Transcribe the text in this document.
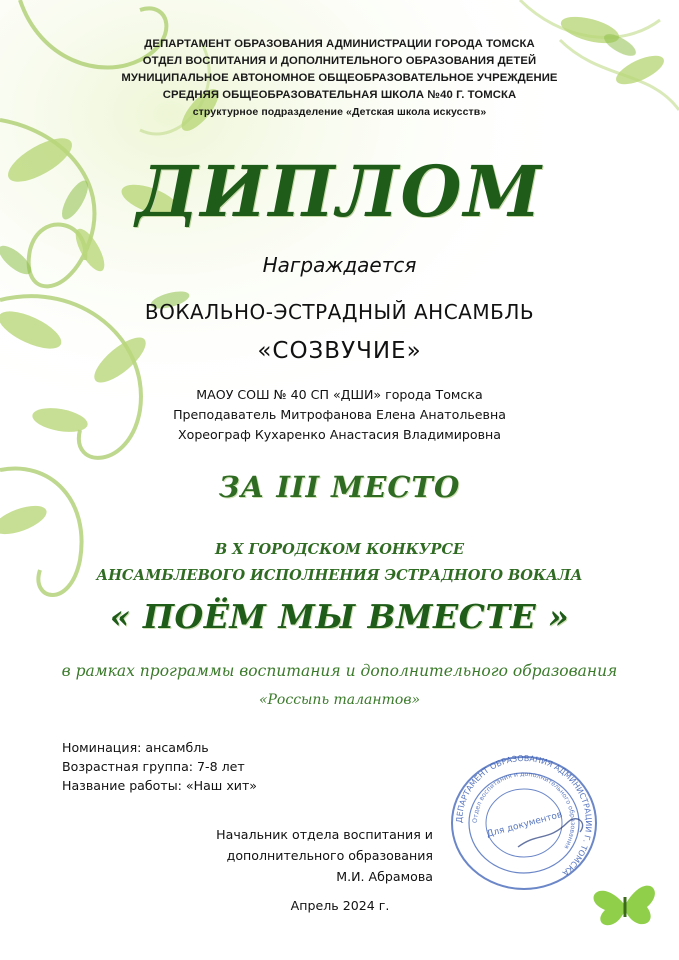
ДЕПАРТАМЕНТ ОБРАЗОВАНИЯ АДМИНИСТРАЦИИ ГОРОДА ТОМСКА
ОТДЕЛ ВОСПИТАНИЯ И ДОПОЛНИТЕЛЬНОГО ОБРАЗОВАНИЯ ДЕТЕЙ
МУНИЦИПАЛЬНОЕ АВТОНОМНОЕ ОБЩЕОБРАЗОВАТЕЛЬНОЕ УЧРЕЖДЕНИЕ
СРЕДНЯЯ ОБЩЕОБРАЗОВАТЕЛЬНАЯ ШКОЛА №40 Г. ТОМСКА
структурное подразделение «Детская школа искусств»
ДИПЛОМ
Награждается
ВОКАЛЬНО-ЭСТРАДНЫЙ АНСАМБЛЬ
«СОЗВУЧИЕ»
МАОУ СОШ № 40 СП «ДШИ» города Томска
Преподаватель Митрофанова Елена Анатольевна
Хореограф Кухаренко Анастасия Владимировна
ЗА III МЕСТО
В X ГОРОДСКОМ КОНКУРСЕ
АНСАМБЛЕВОГО ИСПОЛНЕНИЯ ЭСТРАДНОГО ВОКАЛА
« ПОЁМ МЫ ВМЕСТЕ »
в рамках программы воспитания и дополнительного образования
«Россыпь талантов»
Номинация: ансамбль
Возрастная группа: 7-8 лет
Название работы: «Наш хит»
Начальник отдела воспитания и
дополнительного образования
М.И. Абрамова
Апрель 2024 г.
ДЕПАРТАМЕНТ ОБРАЗОВАНИЯ АДМИНИСТРАЦИИ Г. ТОМСКА
Отдел воспитания и дополнительного образования
Для документов
